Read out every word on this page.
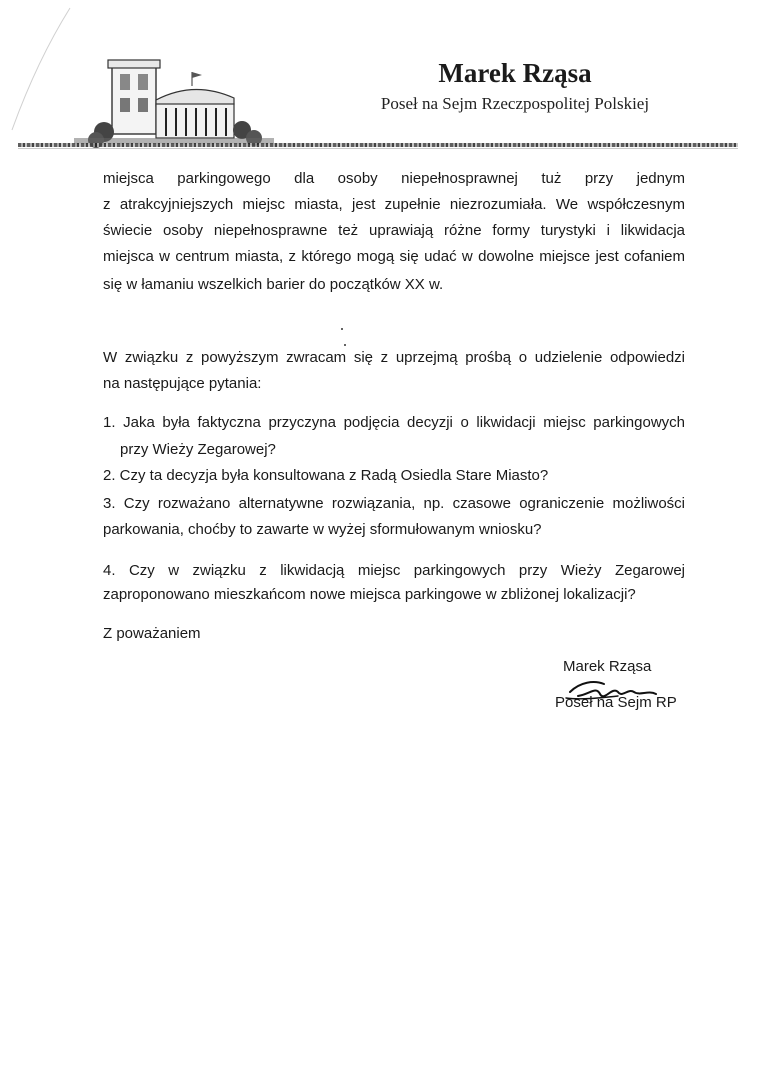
Marek Rząsa
Poseł na Sejm Rzeczpospolitej Polskiej
miejsca parkingowego dla osoby niepełnosprawnej tuż przy jednym
z atrakcyjniejszych miejsc miasta, jest zupełnie niezrozumiała. We współczesnym
świecie osoby niepełnosprawne też uprawiają różne formy turystyki i likwidacja
miejsca w centrum miasta, z którego mogą się udać w dowolne miejsce jest cofaniem
się w łamaniu wszelkich barier do początków XX w.
W związku z powyższym zwracam się z uprzejmą prośbą o udzielenie odpowiedzi
na następujące pytania:
1. Jaka była faktyczna przyczyna podjęcia decyzji o likwidacji miejsc parkingowych
przy Wieży Zegarowej?
2. Czy ta decyzja była konsultowana z Radą Osiedla Stare Miasto?
3. Czy rozważano alternatywne rozwiązania, np. czasowe ograniczenie możliwości
parkowania, choćby to zawarte w wyżej sformułowanym wniosku?
4. Czy w związku z likwidacją miejsc parkingowych przy Wieży Zegarowej
zaproponowano mieszkańcom nowe miejsca parkingowe w zbliżonej lokalizacji?
Z poważaniem
Marek Rząsa
Poseł na Sejm RP
